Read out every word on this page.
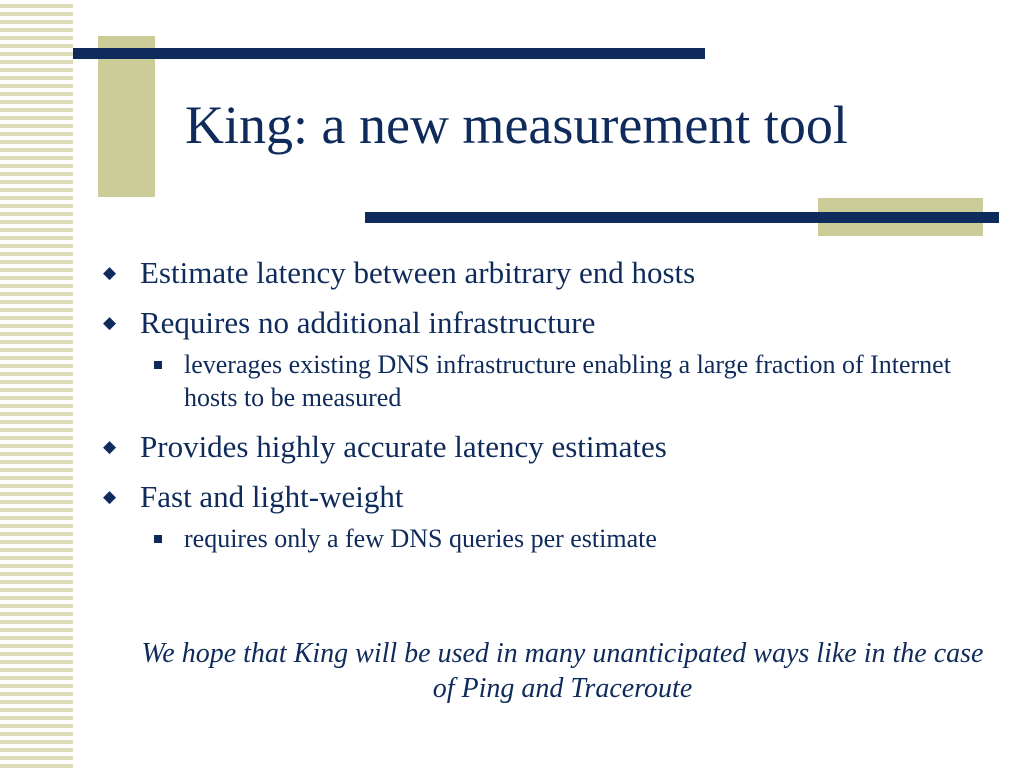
King: a new measurement tool
◆ Estimate latency between arbitrary end hosts
◆ Requires no additional infrastructure
leverages existing DNS infrastructure enabling a large fraction of Internet hosts to be measured
◆ Provides highly accurate latency estimates
◆ Fast and light-weight
requires only a few DNS queries per estimate

We hope that King will be used in many unanticipated ways like in the case of Ping and Traceroute
